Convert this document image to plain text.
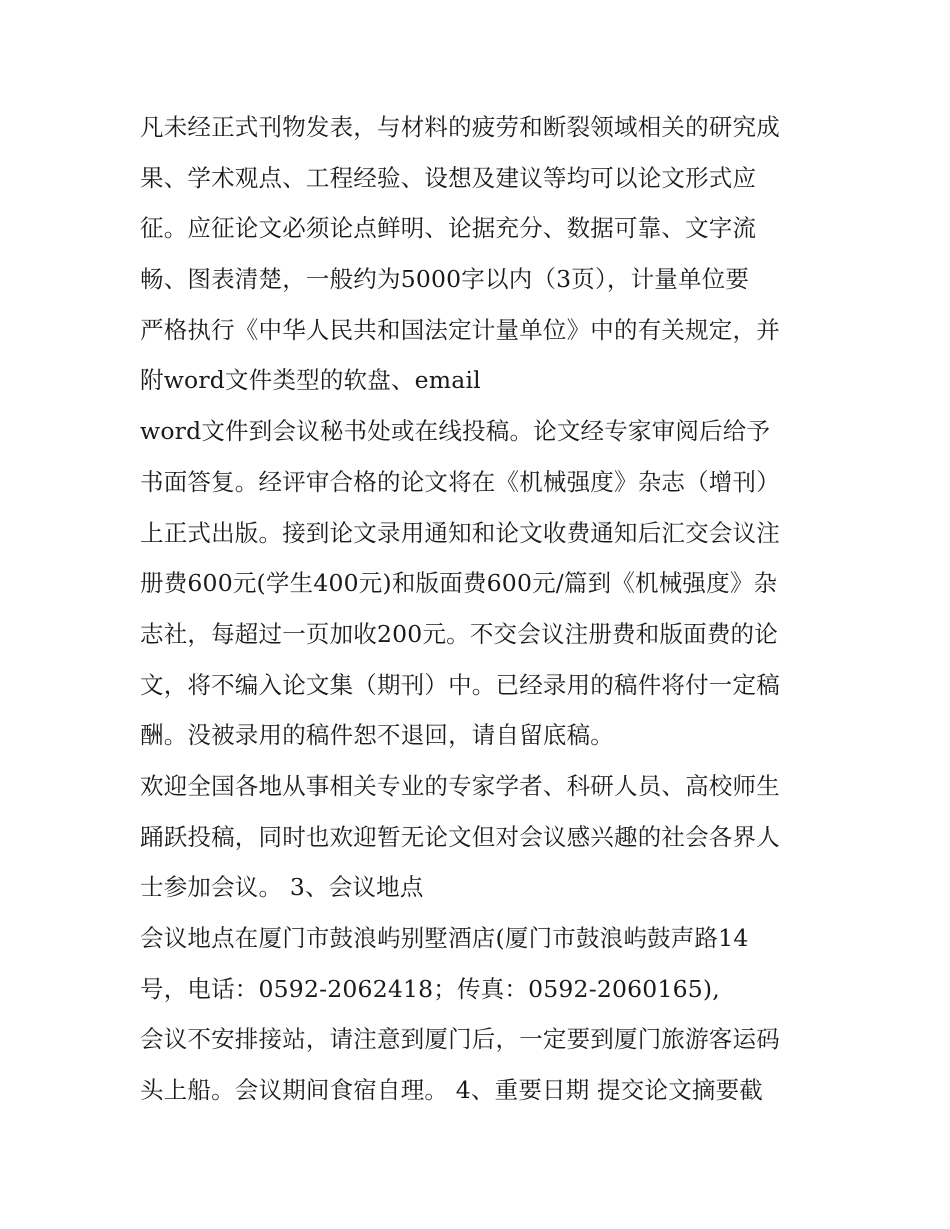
凡未经正式刊物发表，与材料的疲劳和断裂领域相关的研究成
果、学术观点、工程经验、设想及建议等均可以论文形式应
征。应征论文必须论点鲜明、论据充分、数据可靠、文字流
畅、图表清楚，一般约为5000字以内（3页），计量单位要
严格执行《中华人民共和国法定计量单位》中的有关规定，并
附word文件类型的软盘、email
word文件到会议秘书处或在线投稿。论文经专家审阅后给予
书面答复。经评审合格的论文将在《机械强度》杂志（增刊）
上正式出版。接到论文录用通知和论文收费通知后汇交会议注
册费600元(学生400元)和版面费600元/篇到《机械强度》杂
志社，每超过一页加收200元。不交会议注册费和版面费的论
文，将不编入论文集（期刊）中。已经录用的稿件将付一定稿
酬。没被录用的稿件恕不退回，请自留底稿。
欢迎全国各地从事相关专业的专家学者、科研人员、高校师生
踊跃投稿，同时也欢迎暂无论文但对会议感兴趣的社会各界人
士参加会议。 3、会议地点
会议地点在厦门市鼓浪屿别墅酒店(厦门市鼓浪屿鼓声路14
号，电话：0592-2062418；传真：0592-2060165),
会议不安排接站，请注意到厦门后，一定要到厦门旅游客运码
头上船。会议期间食宿自理。 4、重要日期 提交论文摘要截
